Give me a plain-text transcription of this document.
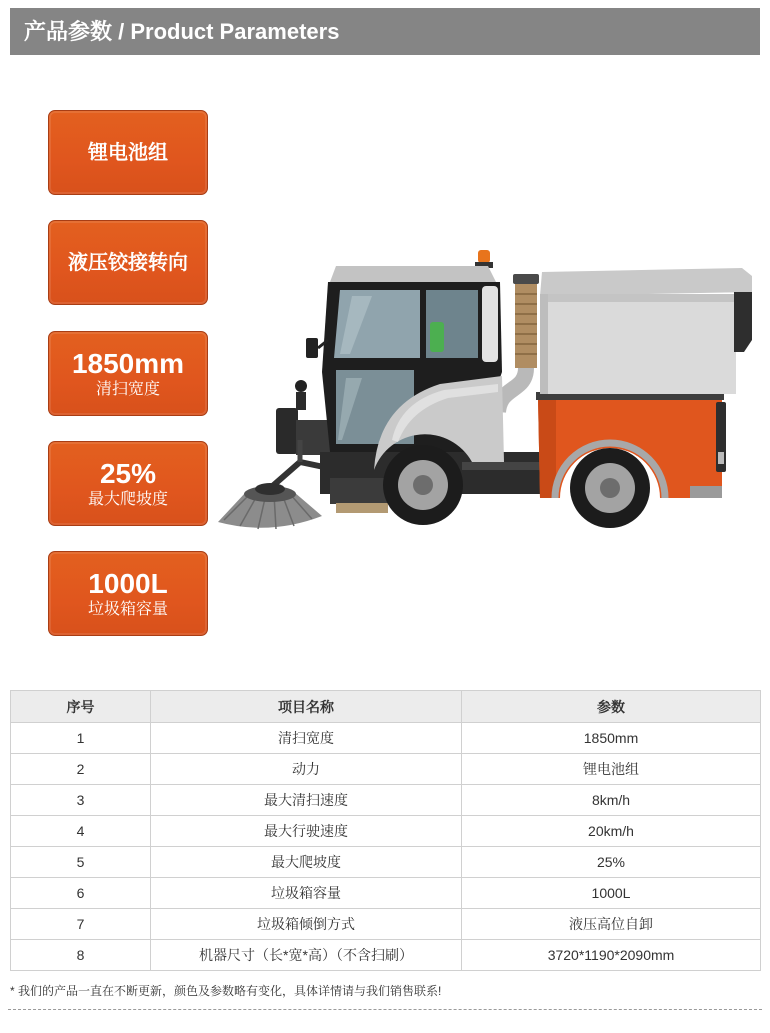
产品参数 / Product Parameters
锂电池组
液压铰接转向
1850mm
清扫宽度
25%
最大爬坡度
1000L
垃圾箱容量
序号	项目名称	参数
1	清扫宽度	1850mm
2	动力	锂电池组
3	最大清扫速度	8km/h
4	最大行驶速度	20km/h
5	最大爬坡度	25%
6	垃圾箱容量	1000L
7	垃圾箱倾倒方式	液压高位自卸
8	机器尺寸（长*宽*高）（不含扫刷）	3720*1190*2090mm
* 我们的产品一直在不断更新，颜色及参数略有变化，具体详情请与我们销售联系!
